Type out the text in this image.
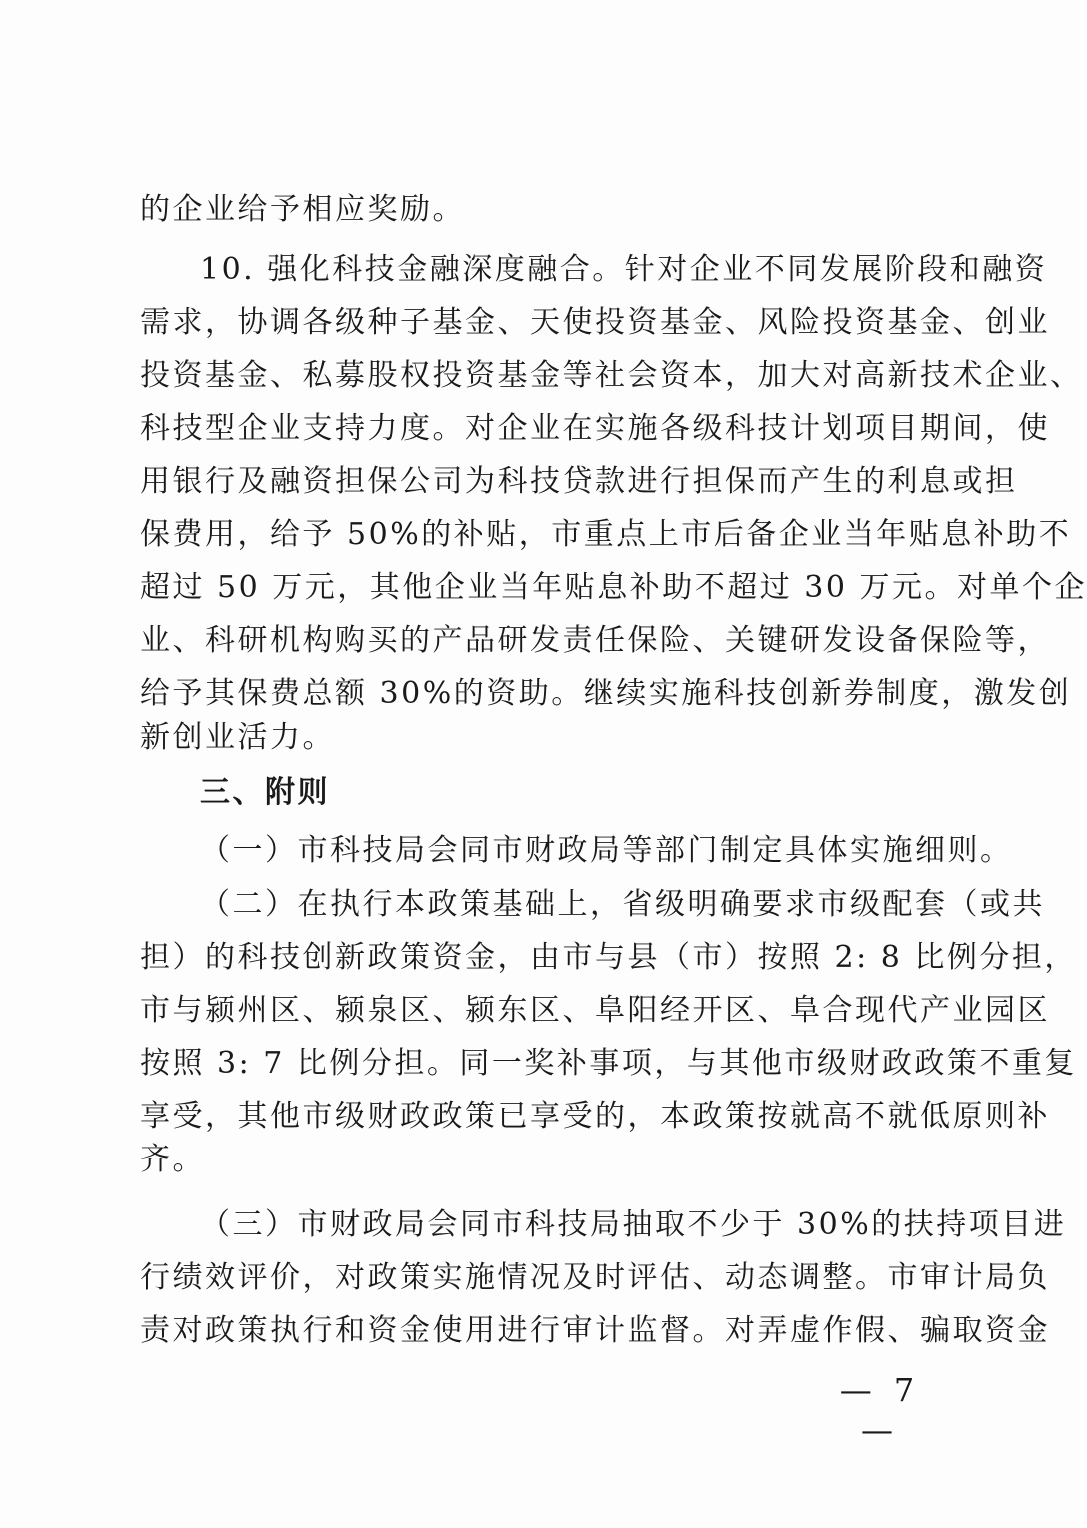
的企业给予相应奖励。
10. 强化科技金融深度融合。针对企业不同发展阶段和融资
需求，协调各级种子基金、天使投资基金、风险投资基金、创业
投资基金、私募股权投资基金等社会资本，加大对高新技术企业、
科技型企业支持力度。对企业在实施各级科技计划项目期间，使
用银行及融资担保公司为科技贷款进行担保而产生的利息或担
保费用，给予 50%的补贴，市重点上市后备企业当年贴息补助不
超过 50 万元，其他企业当年贴息补助不超过 30 万元。对单个企
业、科研机构购买的产品研发责任保险、关键研发设备保险等，
给予其保费总额 30%的资助。继续实施科技创新券制度，激发创
新创业活力。
三、附则
（一）市科技局会同市财政局等部门制定具体实施细则。
（二）在执行本政策基础上，省级明确要求市级配套（或共
担）的科技创新政策资金，由市与县（市）按照 2: 8 比例分担，
市与颍州区、颍泉区、颍东区、阜阳经开区、阜合现代产业园区
按照 3: 7 比例分担。同一奖补事项，与其他市级财政政策不重复
享受，其他市级财政政策已享受的，本政策按就高不就低原则补
齐。
（三）市财政局会同市科技局抽取不少于 30%的扶持项目进
行绩效评价，对政策实施情况及时评估、动态调整。市审计局负
责对政策执行和资金使用进行审计监督。对弄虚作假、骗取资金
— 7 —
